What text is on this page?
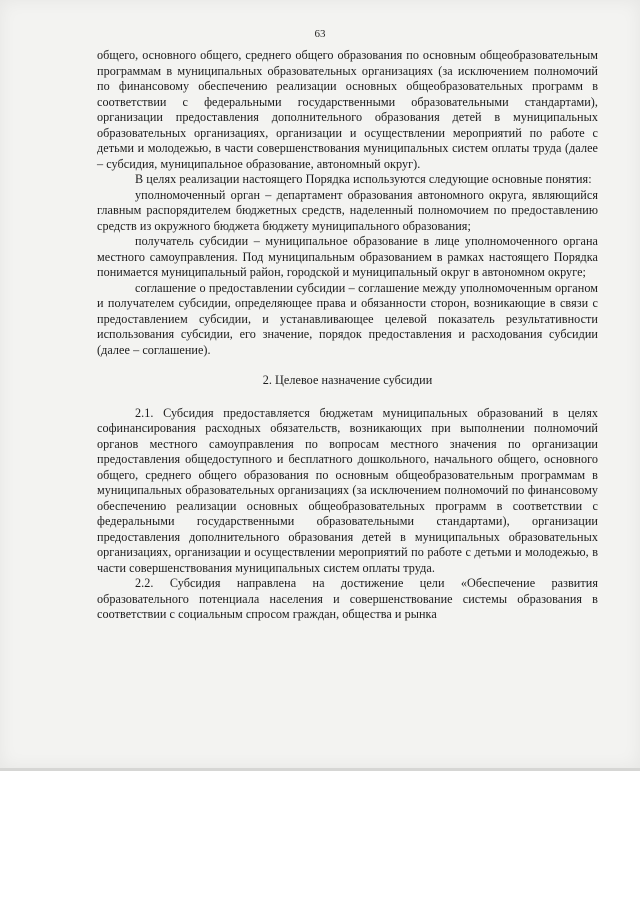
63

общего, основного общего, среднего общего образования по основным общеобразовательным программам в муниципальных образовательных организациях (за исключением полномочий по финансовому обеспечению реализации основных общеобразовательных программ в соответствии с федеральными государственными образовательными стандартами), организации предоставления дополнительного образования детей в муниципальных образовательных организациях, организации и осуществлении мероприятий по работе с детьми и молодежью, в части совершенствования муниципальных систем оплаты труда (далее – субсидия, муниципальное образование, автономный округ).

В целях реализации настоящего Порядка используются следующие основные понятия:

уполномоченный орган – департамент образования автономного округа, являющийся главным распорядителем бюджетных средств, наделенный полномочием по предоставлению средств из окружного бюджета бюджету муниципального образования;

получатель субсидии – муниципальное образование в лице уполномоченного органа местного самоуправления. Под муниципальным образованием в рамках настоящего Порядка понимается муниципальный район, городской и муниципальный округ в автономном округе;

соглашение о предоставлении субсидии – соглашение между уполномоченным органом и получателем субсидии, определяющее права и обязанности сторон, возникающие в связи с предоставлением субсидии, и устанавливающее целевой показатель результативности использования субсидии, его значение, порядок предоставления и расходования субсидии (далее – соглашение).

2. Целевое назначение субсидии

2.1. Субсидия предоставляется бюджетам муниципальных образований в целях софинансирования расходных обязательств, возникающих при выполнении полномочий органов местного самоуправления по вопросам местного значения по организации предоставления общедоступного и бесплатного дошкольного, начального общего, основного общего, среднего общего образования по основным общеобразовательным программам в муниципальных образовательных организациях (за исключением полномочий по финансовому обеспечению реализации основных общеобразовательных программ в соответствии с федеральными государственными образовательными стандартами), организации предоставления дополнительного образования детей в муниципальных образовательных организациях, организации и осуществлении мероприятий по работе с детьми и молодежью, в части совершенствования муниципальных систем оплаты труда.

2.2. Субсидия направлена на достижение цели «Обеспечение развития образовательного потенциала населения и совершенствование системы образования в соответствии с социальным спросом граждан, общества и рынка
